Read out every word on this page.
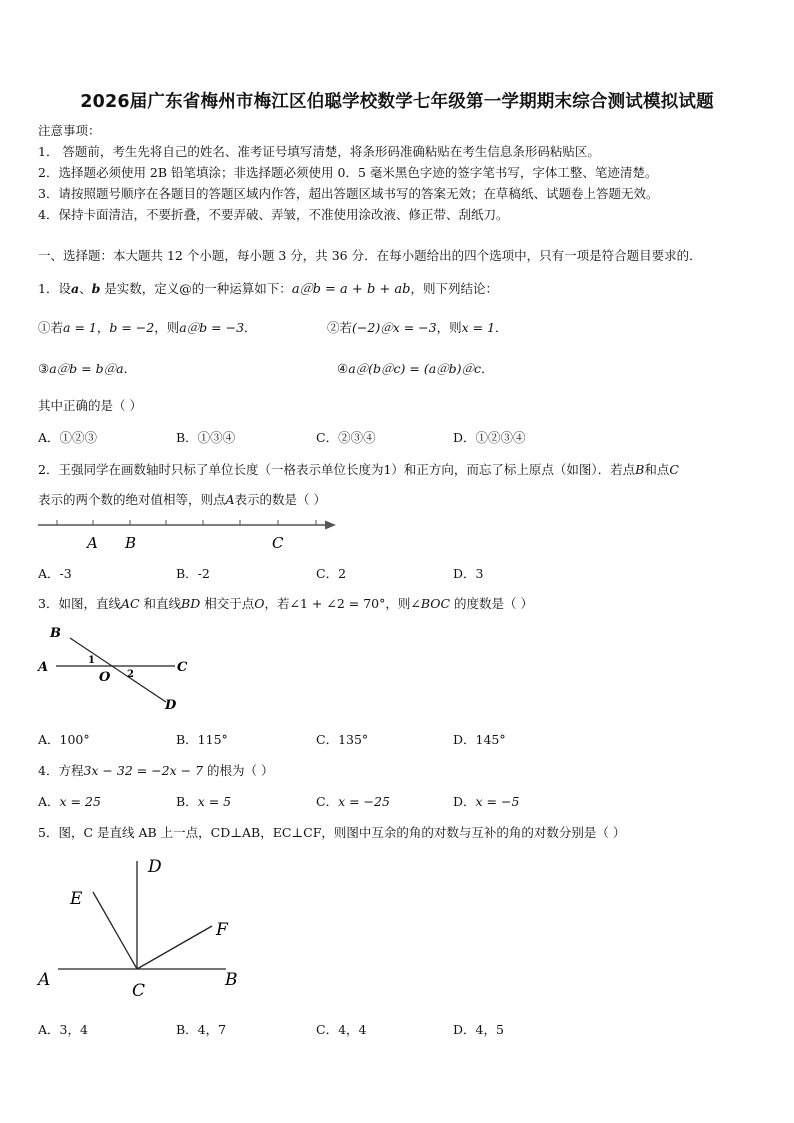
2026届广东省梅州市梅江区伯聪学校数学七年级第一学期期末综合测试模拟试题
注意事项：
1． 答题前，考生先将自己的姓名、准考证号填写清楚，将条形码准确粘贴在考生信息条形码粘贴区。
2．选择题必须使用 2B 铅笔填涂；非选择题必须使用 0．5 毫米黑色字迹的签字笔书写，字体工整、笔迹清楚。
3．请按照题号顺序在各题目的答题区域内作答，超出答题区域书写的答案无效；在草稿纸、试题卷上答题无效。
4．保持卡面清洁，不要折叠，不要弄破、弄皱，不准使用涂改液、修正带、刮纸刀。
一、选择题：本大题共 12 个小题，每小题 3 分，共 36 分．在每小题给出的四个选项中，只有一项是符合题目要求的．
1．设a、b 是实数，定义@的一种运算如下：a＠b = a + b + ab，则下列结论：
①若a = 1，b = −2，则a＠b = −3．	②若(−2)＠x = −3，则x = 1．
③a＠b = b＠a．	④a＠(b＠c) = (a＠b)＠c．
其中正确的是（ ）
A．①②③	B．①③④	C．②③④	D．①②③④
2．王强同学在画数轴时只标了单位长度（一格表示单位长度为1）和正方向，而忘了标上原点（如图）．若点B和点C
表示的两个数的绝对值相等，则点A表示的数是（ ）
A B	C
A．-3	B．-2	C．2	D．3
3．如图，直线AC 和直线BD 相交于点O，若∠1 + ∠2 = 70°，则∠BOC 的度数是（ ）
B
A
O
C
D
1
2
A．100°	B．115°	C．135°	D．145°
4．方程3x − 32 = −2x − 7 的根为（ ）
A．x = 25	B．x = 5	C．x = −25	D．x = −5
5．图，C 是直线 AB 上一点，CD⊥AB，EC⊥CF，则图中互余的角的对数与互补的角的对数分别是（ ）
D
E
F
A	B
C
A．3，4	B．4，7	C．4，4	D．4，5
